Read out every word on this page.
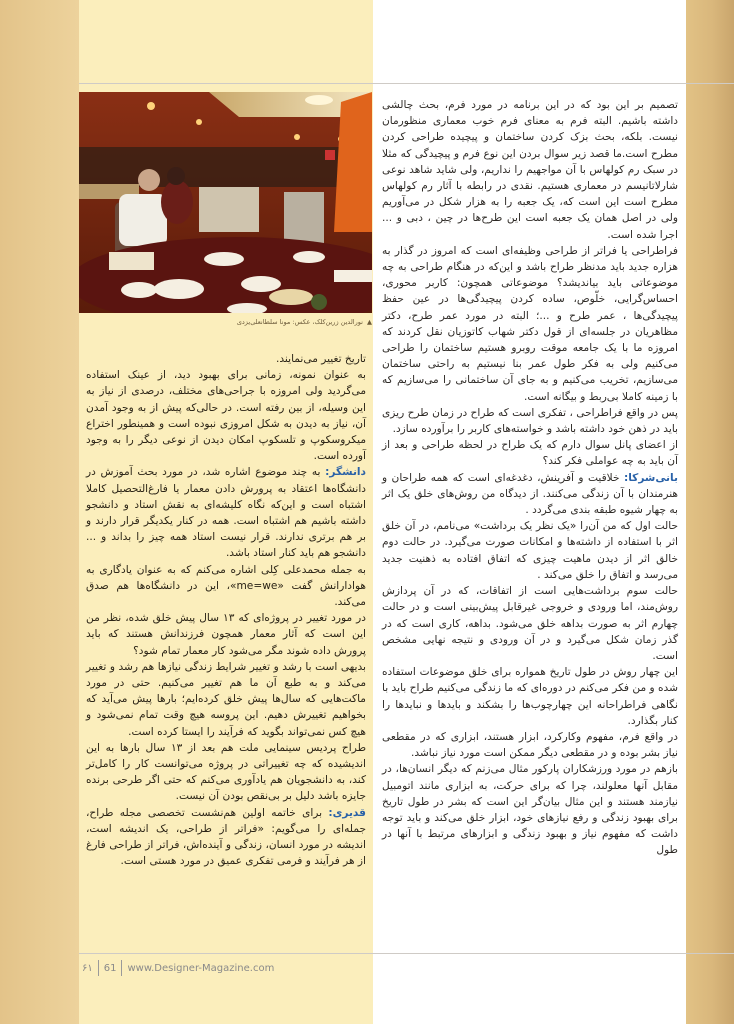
▲ نورالدین زرین‌کلک، عکس: مونا سلطانعلی‌یزدی

تصمیم بر این بود که در این برنامه در مورد فرم، بحث چالشی داشته باشیم. البته فرم به معنای فرم خوب معماری منظورمان نیست. بلکه، بحث بزک کردن ساختمان و پیچیده طراحی کردن مطرح است.ما قصد زیر سوال بردن این نوع فرم و پیچیدگی که مثلا در سبک رم کولهاس با آن مواجهیم را نداریم، ولی شاید شاهد نوعی شارلاتانیسم در معماری هستیم. نقدی در رابطه با آثار رم کولهاس مطرح است این است که، یک جعبه را به هزار شکل در می‌آوریم ولی در اصل همان یک جعبه است این طرح‌ها در چین ، دبی و ... اجرا شده است.

فراطراحی یا فراتر از طراحی وظیفه‌ای است که امروز در گذار به هزاره جدید باید مدنظر طراح باشد و این‌که در هنگام طراحی به چه موضوعاتی باید بیاندیشد؟ موضوعاتی همچون: کاربر محوری، احساس‌گرایی، خلّوص، ساده کردن پیچیدگی‌ها در عین حفظ پیچیدگی‌ها ، عمر طرح و ...؛ البته در مورد عمر طرح، دکتر مظاهریان در جلسه‌ای از قول دکتر شهاب کاتوزیان نقل کردند که امروزه ما با یک جامعه موقت روبرو هستیم ساختمان را طراحی می‌کنیم ولی به فکر طول عمر بنا نیستیم به راحتی ساختمان می‌سازیم، تخریب می‌کنیم و به جای آن ساختمانی را می‌سازیم که با زمینه کاملا بی‌ربط و بیگانه است.

پس در واقع فراطراحی ، تفکری است که طراح در زمان طرح ریزی باید در ذهن خود داشته باشد و خواسته‌های کاربر را برآورده سازد.

از اعضای پانل سوال دارم که یک طراح در لحظه طراحی و بعد از آن باید به چه عواملی فکر کند؟

بانی‌شرکا: خلاقیت و آفرینش، دغدغه‌ای است که همه طراحان و هنرمندان با آن زندگی می‌کنند. از دیدگاه من روش‌های خلق یک اثر به چهار شیوه طبقه بندی می‌گردد .

حالت اول که من آن‌را «یک نظر یک برداشت» می‌نامم، در آن خلق اثر با استفاده از داشته‌ها و امکانات صورت می‌گیرد. در حالت دوم خالق اثر از دیدن ماهیت چیزی که اتفاق افتاده به ذهنیت جدید می‌رسد و اتفاق را خلق می‌کند .

حالت سوم برداشت‌هایی است از اتفاقات، که در آن پردازش روش‌مند، اما ورودی و خروجی غیرقابل پیش‌بینی است و در حالت چهارم اثر به صورت بداهه خلق می‌شود. بداهه، کاری است که در گذر زمان شکل می‌گیرد و در آن ورودی و نتیجه نهایی مشخص است.

این چهار روش در طول تاریخ همواره برای خلق موضوعات استفاده شده و من فکر می‌کنم در دوره‌ای که ما زندگی می‌کنیم طراح باید با نگاهی فراطراحانه این چهارچوب‌ها را بشکند و بایدها و نبایدها را کنار بگذارد.

در واقع فرم، مفهوم وکارکرد، ابزار هستند، ابزاری که در مقطعی نیاز بشر بوده و در مقطعی دیگر ممکن است مورد نیاز نباشد.

بازهم در مورد ورزشکاران پارکور مثال می‌زنم که دیگر انسان‌ها، در مقابل آنها معلولند، چرا که برای حرکت، به ابزاری مانند اتومبیل نیازمند هستند و این مثال بیان‌گر این است که بشر در طول تاریخ برای بهبود زندگی و رفع نیازهای خود، ابزار خلق می‌کند و باید توجه داشت که مفهوم نیاز و بهبود زندگی و ابزارهای مرتبط با آنها در طول

تاریخ تغییر می‌نمایند.

به عنوان نمونه، زمانی برای بهبود دید، از عینک استفاده می‌گردید ولی امروزه با جراحی‌های مختلف، درصدی از نیاز به این وسیله، از بین رفته است. در حالی‌که پیش از به وجود آمدن آن، نیاز به دیدن به شکل امروزی نبوده است و همینطور اختراع میکروسکوپ و تلسکوپ امکان دیدن از نوعی دیگر را به وجود آورده است.

دانشگر: به چند موضوع اشاره شد، در مورد بحث آموزش در دانشگاه‌ها اعتقاد به پرورش دادن معمار یا فارغ‌التحصیل کاملا اشتباه است و این‌که نگاه کلیشه‌ای به نقش استاد و دانشجو داشته باشیم هم اشتباه است. همه در کنار یکدیگر قرار دارند و بر هم برتری ندارند. قرار نیست استاد همه چیز را بداند و ... دانشجو هم باید کنار استاد باشد.

به جمله محمدعلی کِلی اشاره می‌کنم که به عنوان یادگاری به هوادارانش گفت «me=we»، این در دانشگاه‌ها هم صدق می‌کند.

در مورد تغییر در پروژه‌ای که ۱۳ سال پیش خلق شده، نظر من این است که آثار معمار همچون فرزندانش هستند که باید پرورش داده شوند مگر می‌شود کار معمار تمام شود؟

بدیهی است با رشد و تغییر شرایط زندگی نیازها هم رشد و تغییر می‌کند و به طبع آن ما هم تغییر می‌کنیم. حتی در مورد ماکت‌هایی که سال‌ها پیش خلق کرده‌ایم؛ بارها پیش می‌آید که بخواهیم تغییرش دهیم. این پروسه هیچ وقت تمام نمی‌شود و هیچ کس نمی‌تواند بگوید که فرآیند را ایستا کرده است.

طراح پردیس سینمایی ملت هم بعد از ۱۳ سال بارها به این اندیشیده که چه تغییراتی در پروژه می‌توانست کار را کامل‌تر کند، به دانشجویان هم یادآوری می‌کنم که حتی اگر طرحی برنده جایزه باشد دلیل بر بی‌نقص بودن آن نیست.

قدیری: برای خاتمه اولین هم‌نشست تخصصی مجله طراح، جمله‌ای را می‌گویم: «فراتر از طراحی، یک اندیشه است، اندیشه در مورد انسان، زندگی و آینده‌اش، فراتر از طراحی فارغ از هر فرآیند و فرمی تفکری عمیق در مورد هستی است.

۶۱ 61 www.Designer-Magazine.com
